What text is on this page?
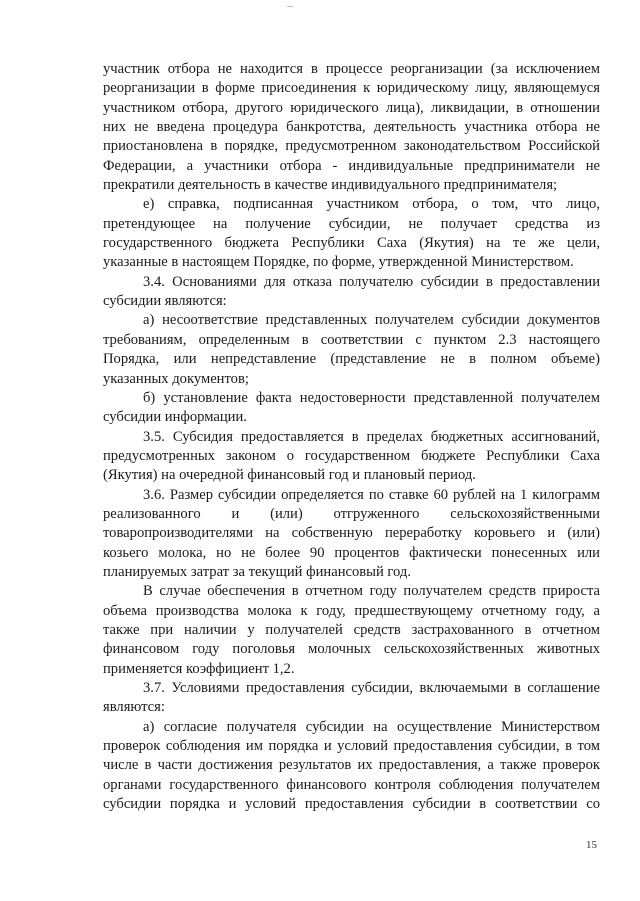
участник отбора не находится в процессе реорганизации (за исключением
реорганизации в форме присоединения к юридическому лицу, являющемуся
участником отбора, другого юридического лица), ликвидации, в отношении
них не введена процедура банкротства, деятельность участника отбора не
приостановлена в порядке, предусмотренном законодательством Российской
Федерации, а участники отбора - индивидуальные предприниматели не
прекратили деятельность в качестве индивидуального предпринимателя;
е) справка, подписанная участником отбора, о том, что лицо,
претендующее на получение субсидии, не получает средства из
государственного бюджета Республики Саха (Якутия) на те же цели,
указанные в настоящем Порядке, по форме, утвержденной Министерством.
3.4. Основаниями для отказа получателю субсидии в предоставлении
субсидии являются:
а) несоответствие представленных получателем субсидии документов
требованиям, определенным в соответствии с пунктом 2.3 настоящего
Порядка, или непредставление (представление не в полном объеме)
указанных документов;
б) установление факта недостоверности представленной получателем
субсидии информации.
3.5. Субсидия предоставляется в пределах бюджетных ассигнований,
предусмотренных законом о государственном бюджете Республики Саха
(Якутия) на очередной финансовый год и плановый период.
3.6. Размер субсидии определяется по ставке 60 рублей на 1 килограмм
реализованного и (или) отгруженного сельскохозяйственными
товаропроизводителями на собственную переработку коровьего и (или)
козьего молока, но не более 90 процентов фактически понесенных или
планируемых затрат за текущий финансовый год.
В случае обеспечения в отчетном году получателем средств прироста
объема производства молока к году, предшествующему отчетному году, а
также при наличии у получателей средств застрахованного в отчетном
финансовом году поголовья молочных сельскохозяйственных животных
применяется коэффициент 1,2.
3.7. Условиями предоставления субсидии, включаемыми в соглашение
являются:
а) согласие получателя субсидии на осуществление Министерством
проверок соблюдения им порядка и условий предоставления субсидии, в том
числе в части достижения результатов их предоставления, а также проверок
органами государственного финансового контроля соблюдения получателем
субсидии порядка и условий предоставления субсидии в соответствии со
15
